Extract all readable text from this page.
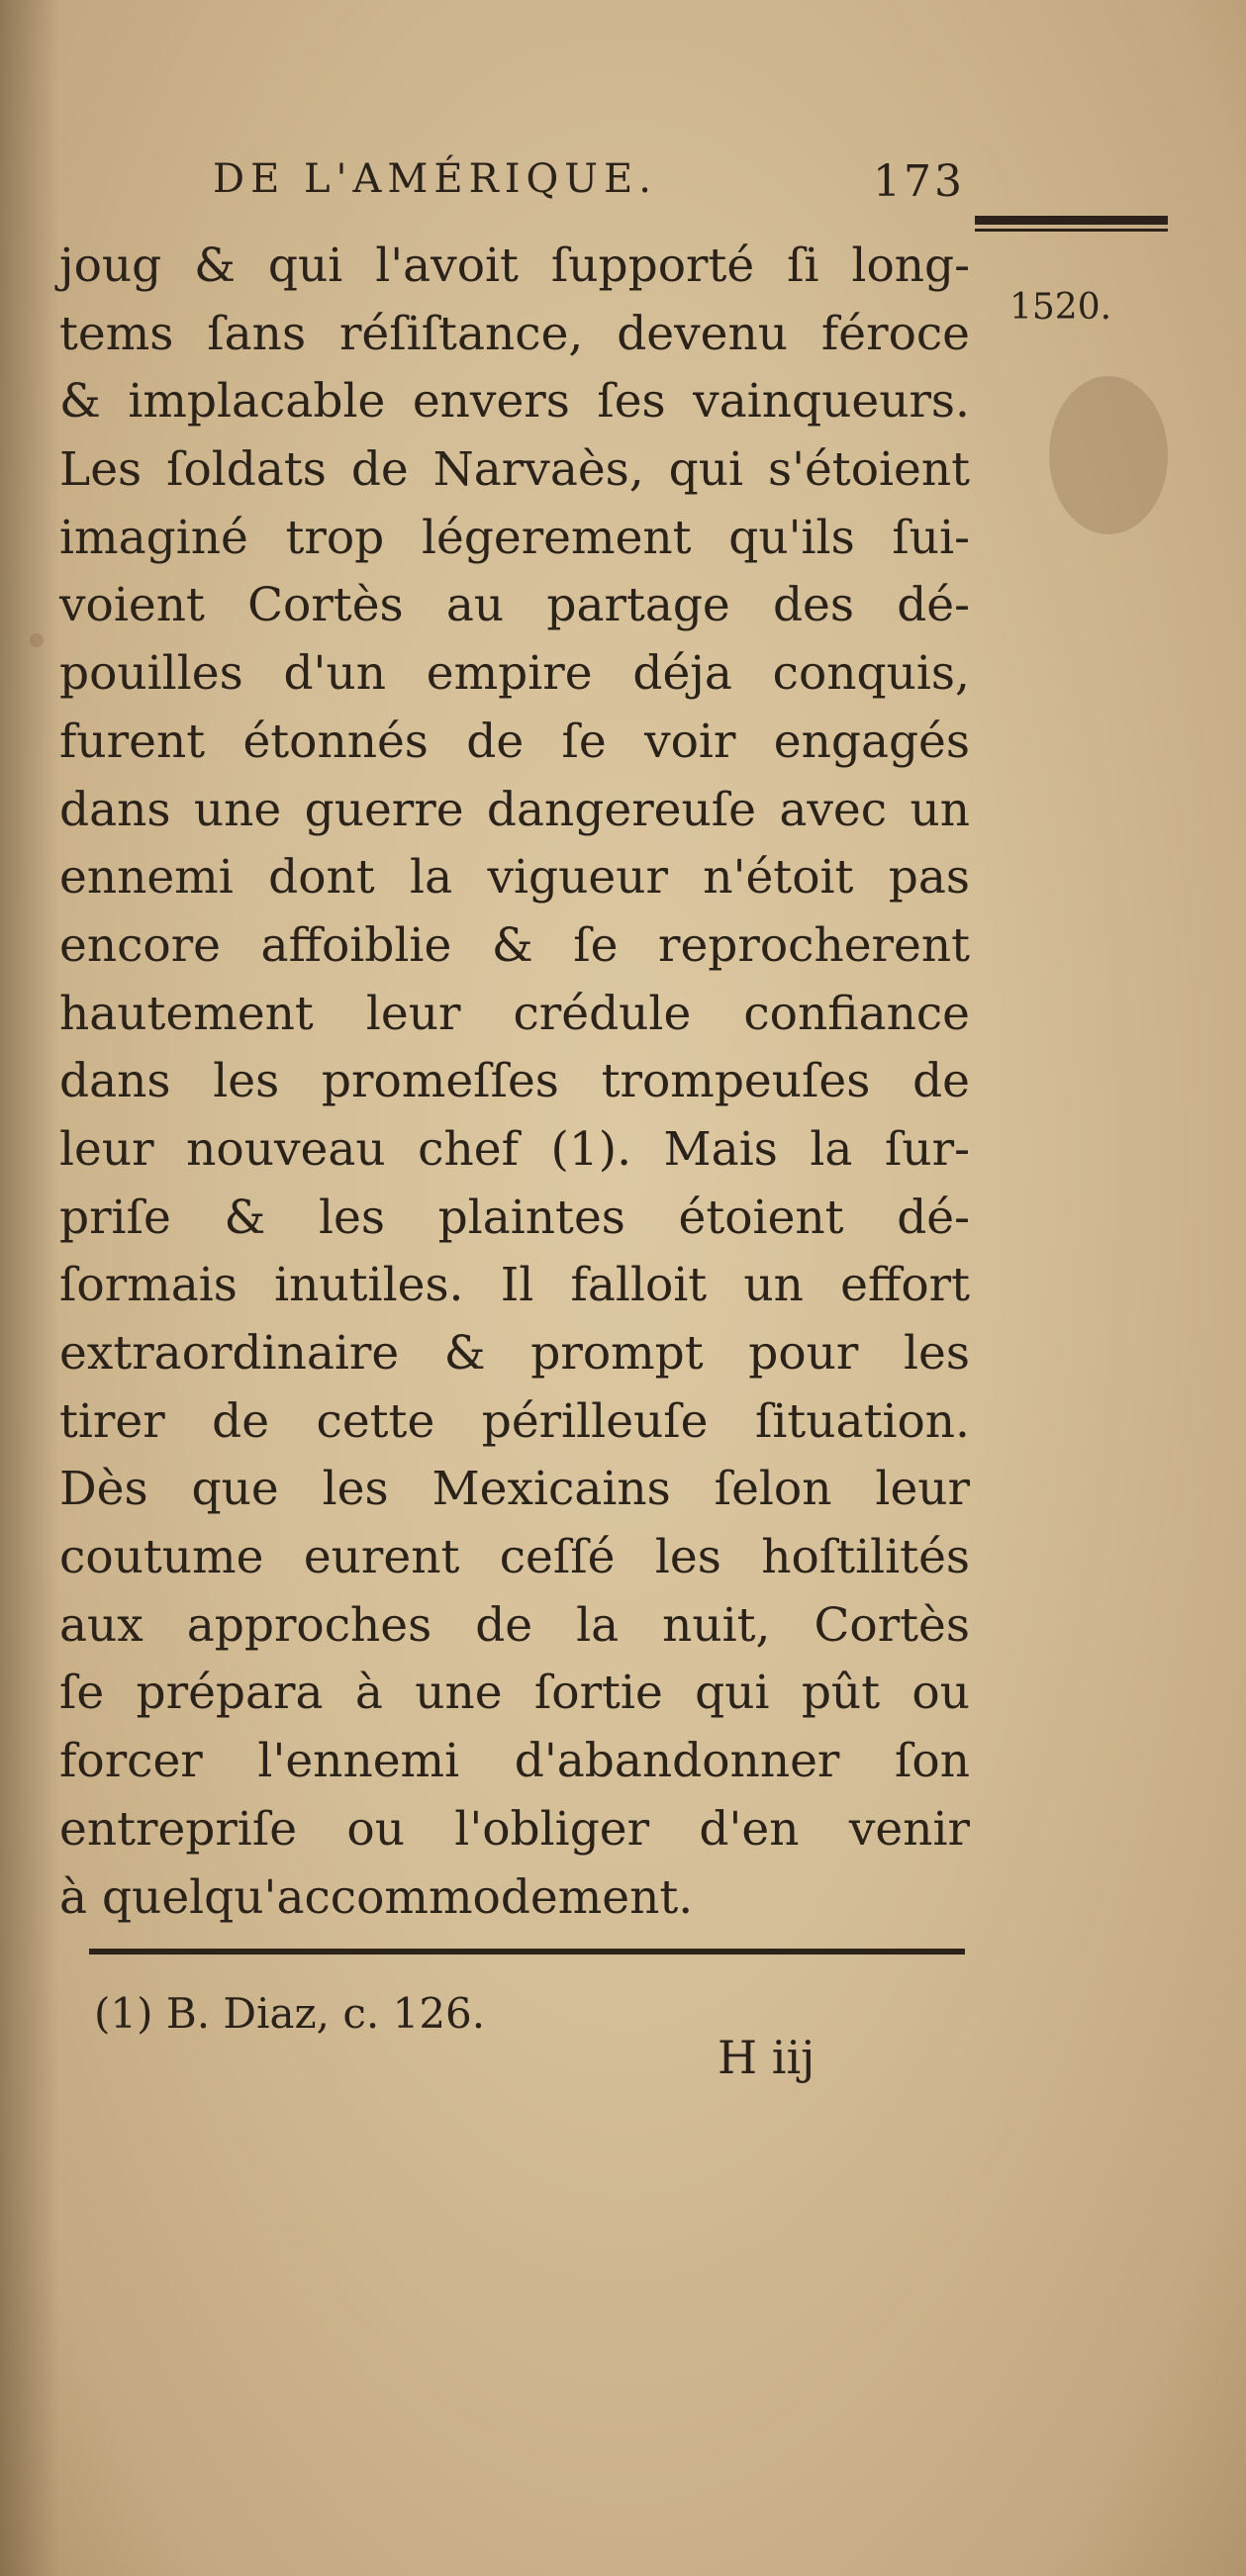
DE L'AMÉRIQUE.	173
1520.
joug & qui l'avoit ſupporté ſi long-
tems ſans réſiſtance, devenu féroce
& implacable envers ſes vainqueurs.
Les ſoldats de Narvaès, qui s'étoient
imaginé trop légerement qu'ils ſui-
voient Cortès au partage des dé-
pouilles d'un empire déja conquis,
furent étonnés de ſe voir engagés
dans une guerre dangereuſe avec un
ennemi dont la vigueur n'étoit pas
encore affoiblie & ſe reprocherent
hautement leur crédule confiance
dans les promeſſes trompeuſes de
leur nouveau chef (1). Mais la ſur-
priſe & les plaintes étoient dé-
ſormais inutiles. Il falloit un effort
extraordinaire & prompt pour les
tirer de cette périlleuſe ſituation.
Dès que les Mexicains ſelon leur
coutume eurent ceſſé les hoſtilités
aux approches de la nuit, Cortès
ſe prépara à une ſortie qui pût ou
forcer l'ennemi d'abandonner ſon
entrepriſe ou l'obliger d'en venir
à quelqu'accommodement.
(1) B. Diaz, c. 126.
H iij
